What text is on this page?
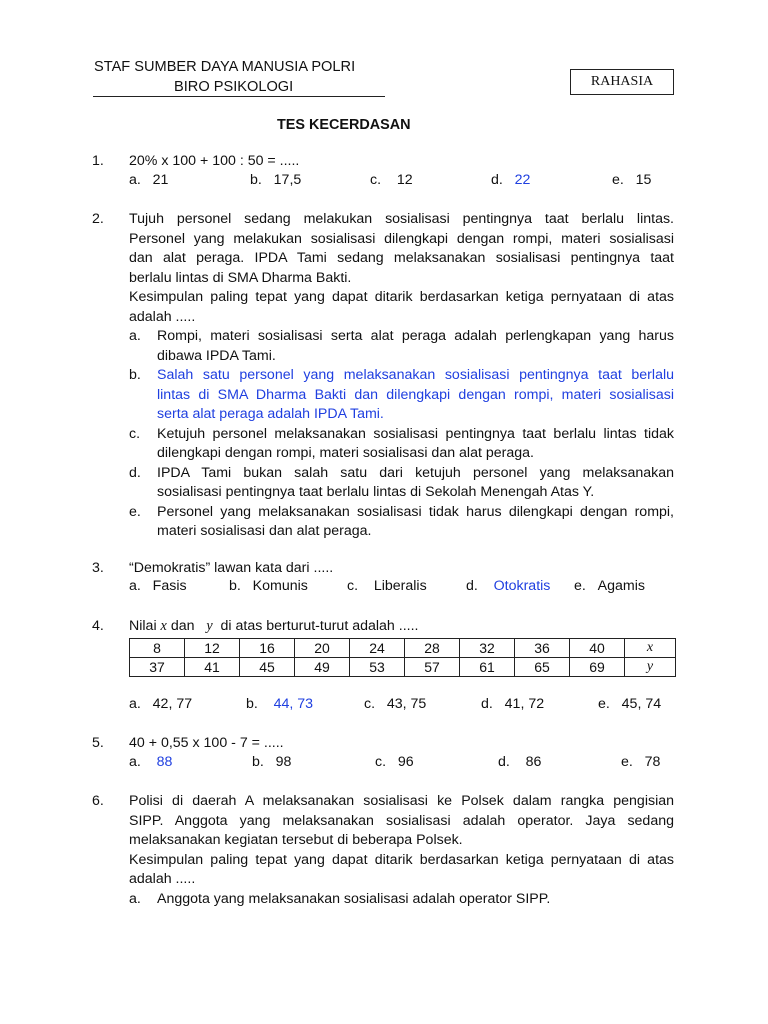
STAF SUMBER DAYA MANUSIA POLRI
BIRO PSIKOLOGI	RAHASIA
TES KECERDASAN
1. 20% x 100 + 100 : 50 = .....
a. 21	b. 17,5	c. 12	d. 22	e. 15
2. Tujuh personel sedang melakukan sosialisasi pentingnya taat berlalu lintas.
Personel yang melakukan sosialisasi dilengkapi dengan rompi, materi sosialisasi
dan alat peraga. IPDA Tami sedang melaksanakan sosialisasi pentingnya taat
berlalu lintas di SMA Dharma Bakti.
Kesimpulan paling tepat yang dapat ditarik berdasarkan ketiga pernyataan di atas
adalah .....
a. Rompi, materi sosialisasi serta alat peraga adalah perlengkapan yang harus
dibawa IPDA Tami.
b. Salah satu personel yang melaksanakan sosialisasi pentingnya taat berlalu
lintas di SMA Dharma Bakti dan dilengkapi dengan rompi, materi sosialisasi
serta alat peraga adalah IPDA Tami.
c. Ketujuh personel melaksanakan sosialisasi pentingnya taat berlalu lintas tidak
dilengkapi dengan rompi, materi sosialisasi dan alat peraga.
d. IPDA Tami bukan salah satu dari ketujuh personel yang melaksanakan
sosialisasi pentingnya taat berlalu lintas di Sekolah Menengah Atas Y.
e. Personel yang melaksanakan sosialisasi tidak harus dilengkapi dengan rompi,
materi sosialisasi dan alat peraga.
3. “Demokratis” lawan kata dari .....
a. Fasis	b. Komunis	c. Liberalis	d. Otokratis e. Agamis
4. Nilai x dan y di atas berturut-turut adalah .....
8	12	16	20	24	28	32	36	40	x
37	41	45	49	53	57	61	65	69	y
a. 42, 77	b. 44, 73	c. 43, 75	d. 41, 72	e. 45, 74
5. 40 + 0,55 x 100 - 7 = .....
a. 88	b. 98	c. 96	d. 86	e. 78
6. Polisi di daerah A melaksanakan sosialisasi ke Polsek dalam rangka pengisian
SIPP. Anggota yang melaksanakan sosialisasi adalah operator. Jaya sedang
melaksanakan kegiatan tersebut di beberapa Polsek.
Kesimpulan paling tepat yang dapat ditarik berdasarkan ketiga pernyataan di atas
adalah .....
a. Anggota yang melaksanakan sosialisasi adalah operator SIPP.
